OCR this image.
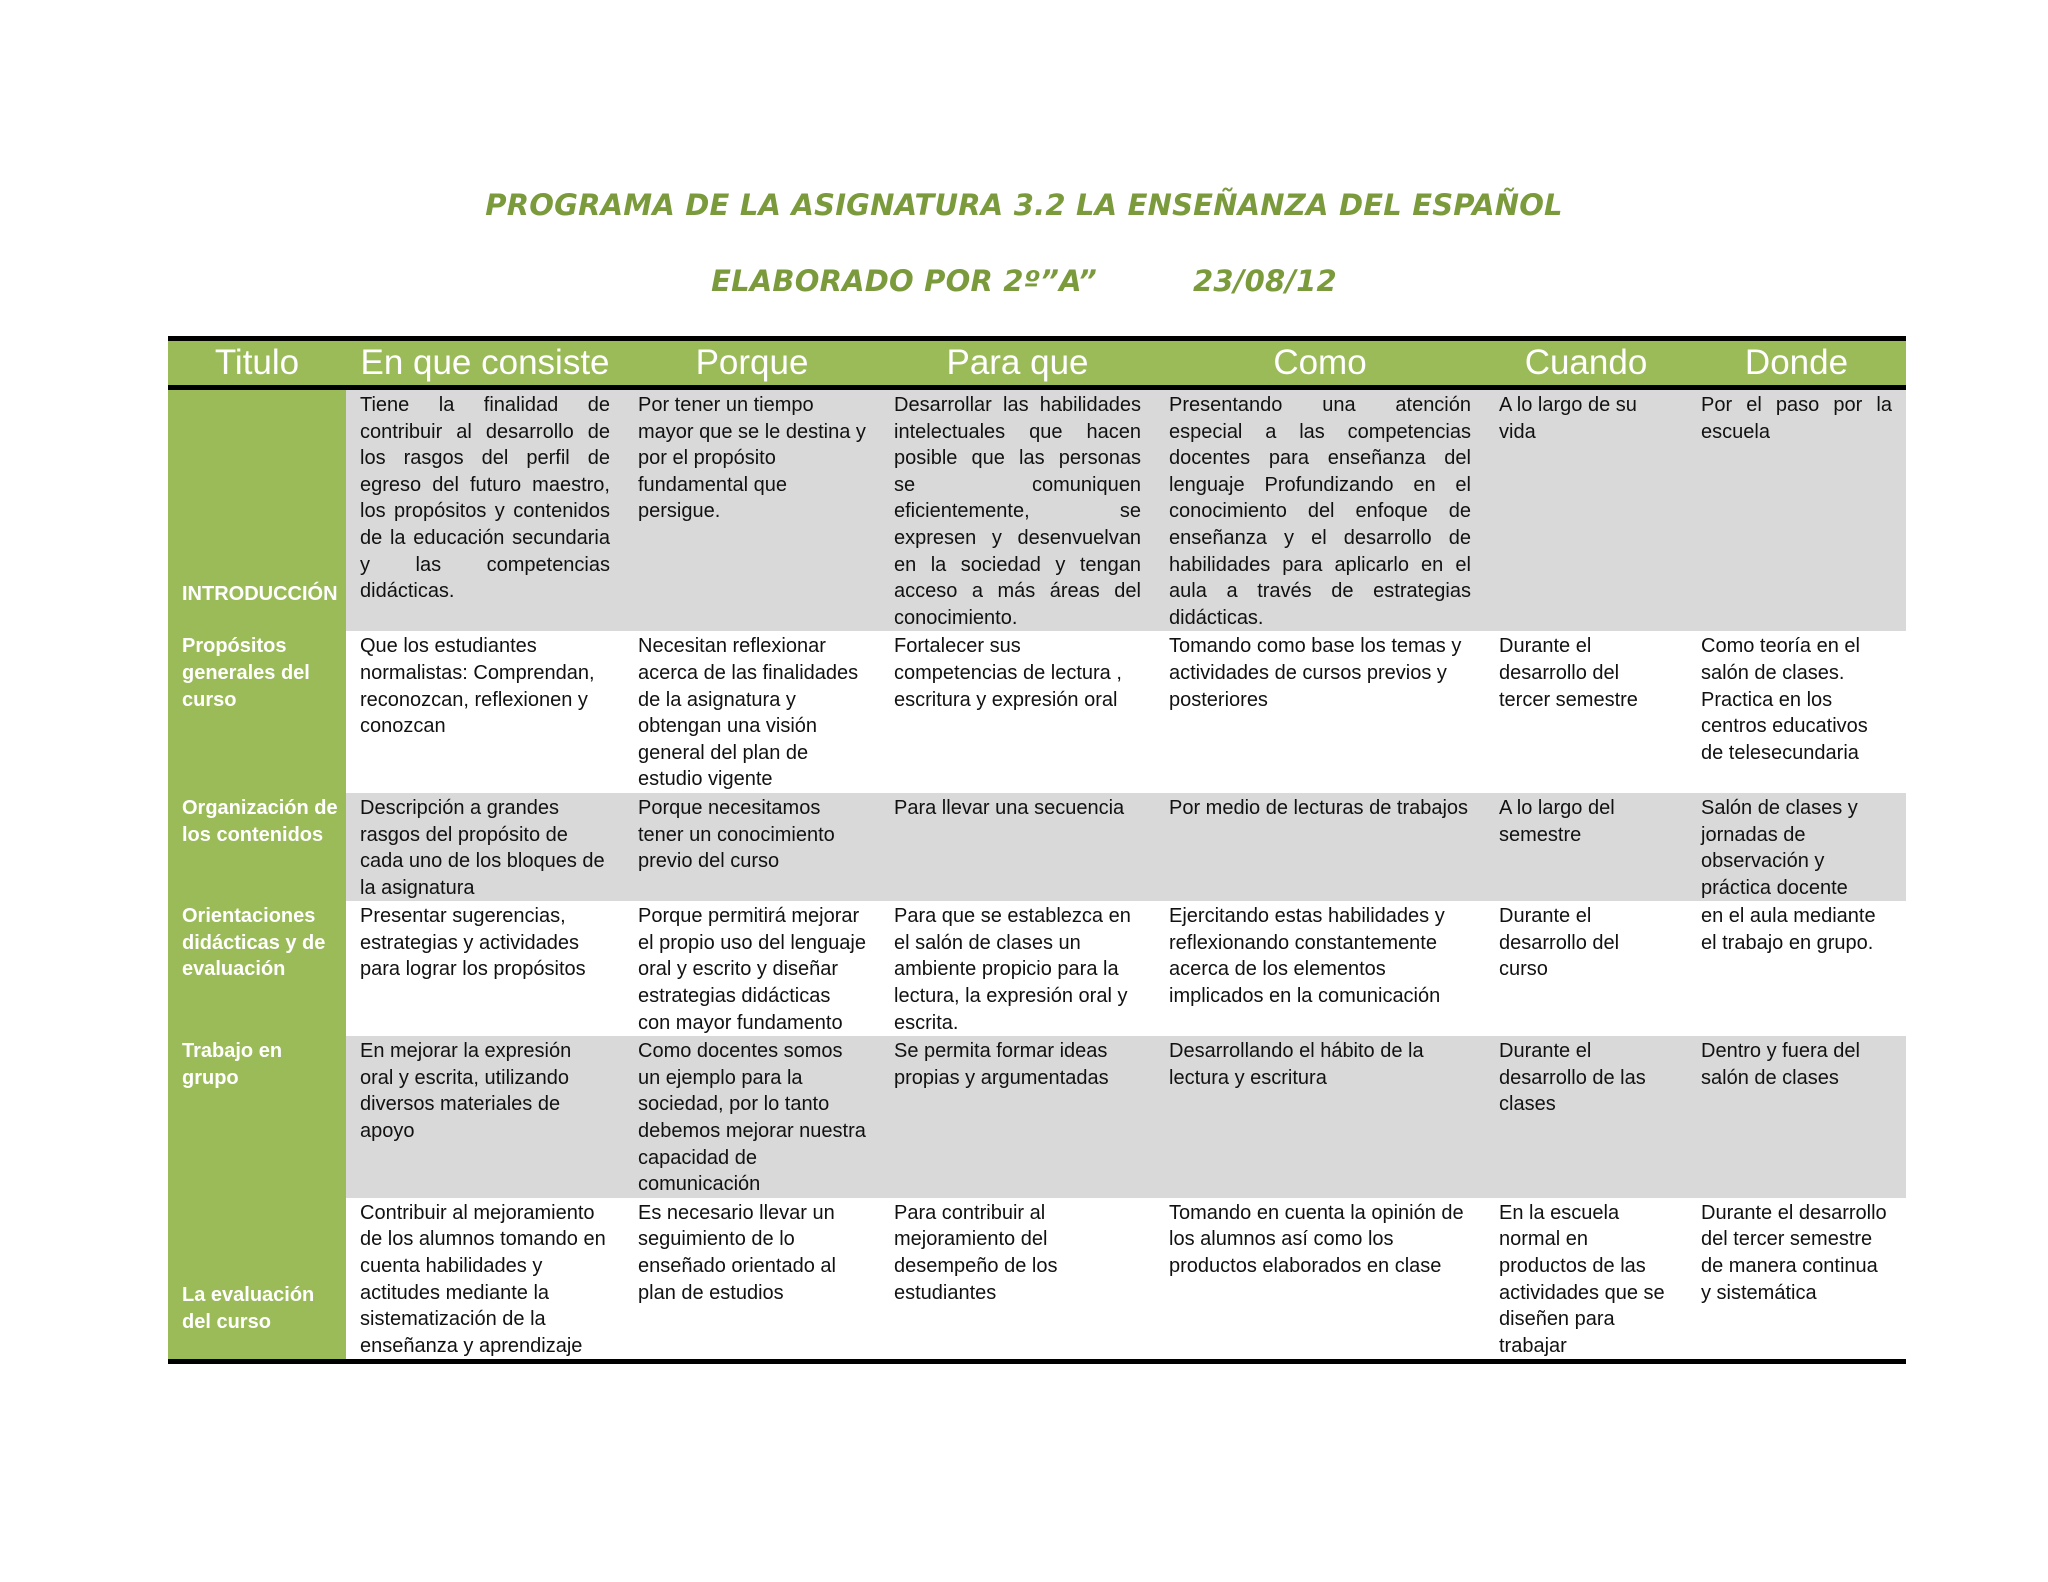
PROGRAMA DE LA ASIGNATURA 3.2 LA ENSEÑANZA DEL ESPAÑOL
ELABORADO POR 2º”A”	23/08/12
Titulo	En que consiste	Porque	Para que	Como	Cuando	Donde
INTRODUCCIÓN	Tiene la finalidad de contribuir al desarrollo de los rasgos del perfil de egreso del futuro maestro, los propósitos y contenidos de la educación secundaria y las competencias didácticas.	Por tener un tiempo mayor que se le destina y por el propósito fundamental que persigue.	Desarrollar las habilidades intelectuales que hacen posible que las personas se comuniquen eficientemente, se expresen y desenvuelvan en la sociedad y tengan acceso a más áreas del conocimiento.	Presentando una atención especial a las competencias docentes para enseñanza del lenguaje Profundizando en el conocimiento del enfoque de enseñanza y el desarrollo de habilidades para aplicarlo en el aula a través de estrategias didácticas.	A lo largo de su vida	Por el paso por la escuela
Propósitos generales del curso	Que los estudiantes normalistas: Comprendan, reconozcan, reflexionen y conozcan	Necesitan reflexionar acerca de las finalidades de la asignatura y obtengan una visión general del plan de estudio vigente	Fortalecer sus competencias de lectura , escritura y expresión oral	Tomando como base los temas y actividades de cursos previos y posteriores	Durante el desarrollo del tercer semestre	Como teoría en el salón de clases. Practica en los centros educativos de telesecundaria
Organización de los contenidos	Descripción a grandes rasgos del propósito de cada uno de los bloques de la asignatura	Porque necesitamos tener un conocimiento previo del curso	Para llevar una secuencia	Por medio de lecturas de trabajos	A lo largo del semestre	Salón de clases y jornadas de observación y práctica docente
Orientaciones didácticas y de evaluación	Presentar sugerencias, estrategias y actividades para lograr los propósitos	Porque permitirá mejorar el propio uso del lenguaje oral y escrito y diseñar estrategias didácticas con mayor fundamento	Para que se establezca en el salón de clases un ambiente propicio para la lectura, la expresión oral y escrita.	Ejercitando estas habilidades y reflexionando constantemente acerca de los elementos implicados en la comunicación	Durante el desarrollo del curso	en el aula mediante el trabajo en grupo.
Trabajo en grupo	En mejorar la expresión oral y escrita, utilizando diversos materiales de apoyo	Como docentes somos un ejemplo para la sociedad, por lo tanto debemos mejorar nuestra capacidad de comunicación	Se permita formar ideas propias y argumentadas	Desarrollando el hábito de la lectura y escritura	Durante el desarrollo de las clases	Dentro y fuera del salón de clases
La evaluación del curso	Contribuir al mejoramiento de los alumnos tomando en cuenta habilidades y actitudes mediante la sistematización de la enseñanza y aprendizaje	Es necesario llevar un seguimiento de lo enseñado orientado al plan de estudios	Para contribuir al mejoramiento del desempeño de los estudiantes	Tomando en cuenta la opinión de los alumnos así como los productos elaborados en clase	En la escuela normal en productos de las actividades que se diseñen para trabajar	Durante el desarrollo del tercer semestre de manera continua y sistemática
